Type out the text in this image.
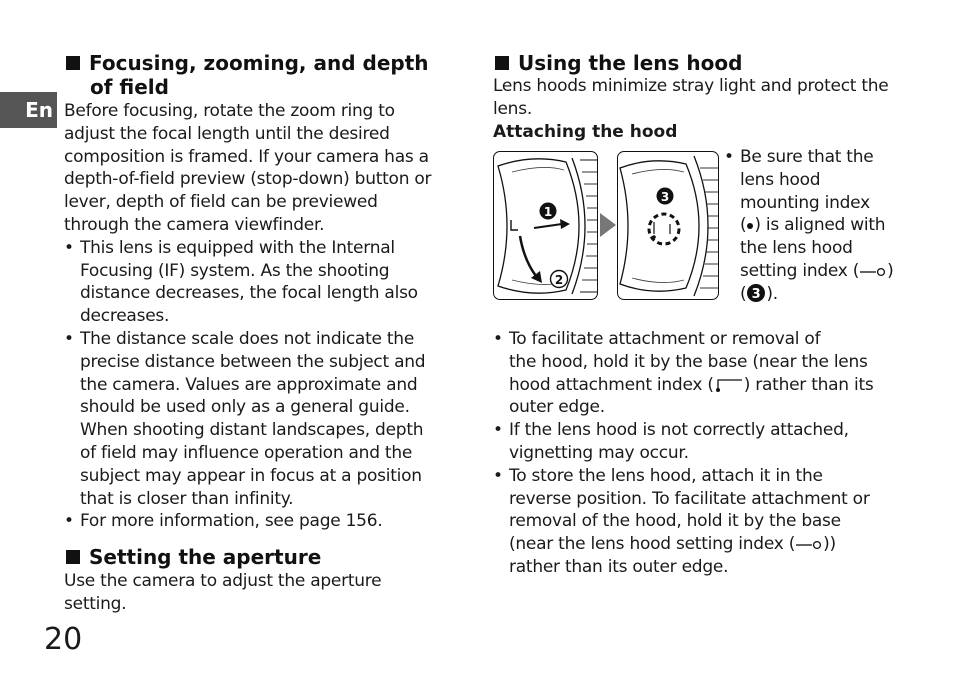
En
Focusing, zooming, and depth
of field

Before focusing, rotate the zoom ring to
adjust the focal length until the desired
composition is framed. If your camera has a
depth-of-field preview (stop-down) button or
lever, depth of field can be previewed
through the camera viewfinder.

• This lens is equipped with the Internal
Focusing (IF) system. As the shooting
distance decreases, the focal length also
decreases.

• The distance scale does not indicate the
precise distance between the subject and
the camera. Values are approximate and
should be used only as a general guide.
When shooting distant landscapes, depth
of field may influence operation and the
subject may appear in focus at a position
that is closer than infinity.

• For more information, see page 156.

Setting the aperture

Use the camera to adjust the aperture
setting.

20
Using the lens hood

Lens hoods minimize stray light and protect the
lens.

Attaching the hood
1
2
3

• Be sure that the
lens hood
mounting index
( ) is aligned with
the lens hood
setting index ( )
( 3 ).

• To facilitate attachment or removal of
the hood, hold it by the base (near the lens
hood attachment index ( ) rather than its
outer edge.

• If the lens hood is not correctly attached,
vignetting may occur.

• To store the lens hood, attach it in the
reverse position. To facilitate attachment or
removal of the hood, hold it by the base
(near the lens hood setting index ( ))
rather than its outer edge.
